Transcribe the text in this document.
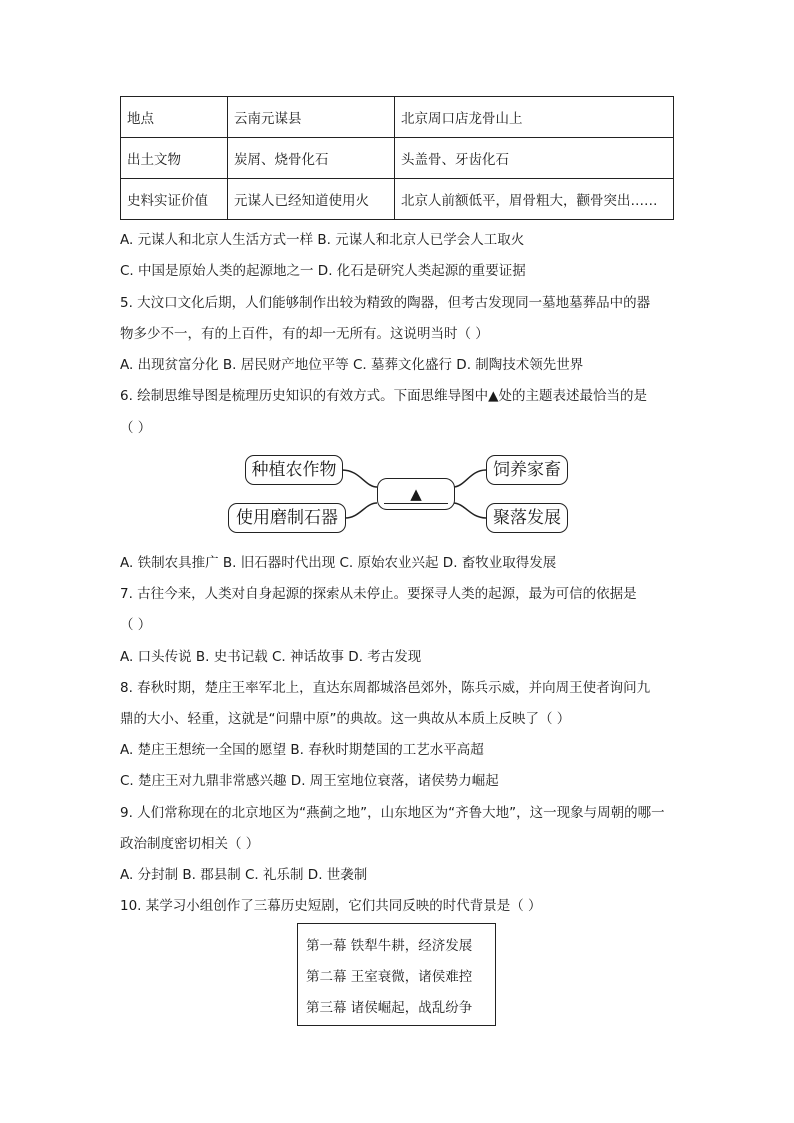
地点	云南元谋县	北京周口店龙骨山上
出土文物	炭屑、烧骨化石	头盖骨、牙齿化石
史料实证价值	元谋人已经知道使用火	北京人前额低平，眉骨粗大，颧骨突出……
A. 元谋人和北京人生活方式一样 B. 元谋人和北京人已学会人工取火
C. 中国是原始人类的起源地之一 D. 化石是研究人类起源的重要证据
5. 大汶口文化后期，人们能够制作出较为精致的陶器，但考古发现同一墓地墓葬品中的器
物多少不一，有的上百件，有的却一无所有。这说明当时（ ）
A. 出现贫富分化 B. 居民财产地位平等 C. 墓葬文化盛行 D. 制陶技术领先世界
6. 绘制思维导图是梳理历史知识的有效方式。下面思维导图中▲处的主题表述最恰当的是
（ ）
种植农作物
使用磨制石器
▲
饲养家畜
聚落发展
A. 铁制农具推广 B. 旧石器时代出现 C. 原始农业兴起 D. 畜牧业取得发展
7. 古往今来，人类对自身起源的探索从未停止。要探寻人类的起源，最为可信的依据是
（ ）
A. 口头传说 B. 史书记载 C. 神话故事 D. 考古发现
8. 春秋时期，楚庄王率军北上，直达东周都城洛邑郊外，陈兵示威，并向周王使者询问九
鼎的大小、轻重，这就是“问鼎中原”的典故。这一典故从本质上反映了（ ）
A. 楚庄王想统一全国的愿望 B. 春秋时期楚国的工艺水平高超
C. 楚庄王对九鼎非常感兴趣 D. 周王室地位衰落，诸侯势力崛起
9. 人们常称现在的北京地区为“燕蓟之地”，山东地区为“齐鲁大地”，这一现象与周朝的哪一
政治制度密切相关（ ）
A. 分封制 B. 郡县制 C. 礼乐制 D. 世袭制
10. 某学习小组创作了三幕历史短剧，它们共同反映的时代背景是（ ）
第一幕 铁犁牛耕，经济发展
第二幕 王室衰微，诸侯难控
第三幕 诸侯崛起，战乱纷争
